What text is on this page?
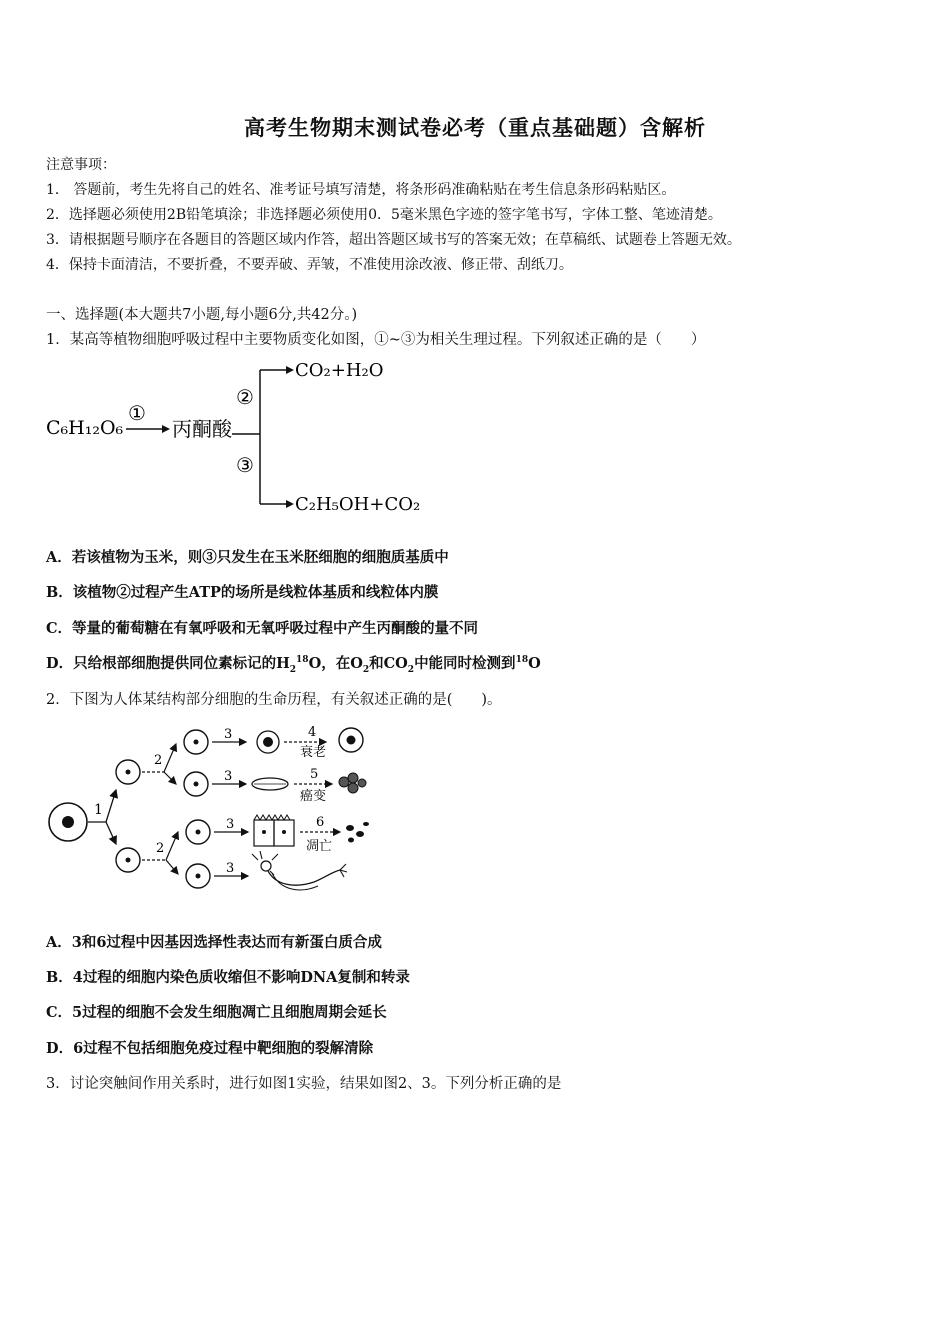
高考生物期末测试卷必考（重点基础题）含解析
注意事项：
1． 答题前，考生先将自己的姓名、准考证号填写清楚，将条形码准确粘贴在考生信息条形码粘贴区。
2．选择题必须使用2B铅笔填涂；非选择题必须使用0．5毫米黑色字迹的签字笔书写，字体工整、笔迹清楚。
3．请根据题号顺序在各题目的答题区域内作答，超出答题区域书写的答案无效；在草稿纸、试题卷上答题无效。
4．保持卡面清洁，不要折叠，不要弄破、弄皱，不准使用涂改液、修正带、刮纸刀。
一、选择题(本大题共7小题,每小题6分,共42分。)
1．某高等植物细胞呼吸过程中主要物质变化如图，①~③为相关生理过程。下列叙述正确的是（　　）
C₆H₁₂O₆
①
丙酮酸
②
③
CO₂+H₂O
C₂H₅OH+CO₂
A．若该植物为玉米，则③只发生在玉米胚细胞的细胞质基质中
B．该植物②过程产生ATP的场所是线粒体基质和线粒体内膜
C．等量的葡萄糖在有氧呼吸和无氧呼吸过程中产生丙酮酸的量不同
D．只给根部细胞提供同位素标记的$H_2^{18}O$，在$O_2$和$CO_2$中能同时检测到$^{18}$O
2．下图为人体某结构部分细胞的生命历程，有关叙述正确的是(　　)。
1
2
2
3	4
衰老
3	5
癌变
3	6
凋亡
3
A．3和6过程中因基因选择性表达而有新蛋白质合成
B．4过程的细胞内染色质收缩但不影响DNA复制和转录
C．5过程的细胞不会发生细胞凋亡且细胞周期会延长
D．6过程不包括细胞免疫过程中靶细胞的裂解清除
3．讨论突触间作用关系时，进行如图1实验，结果如图2、3。下列分析正确的是
